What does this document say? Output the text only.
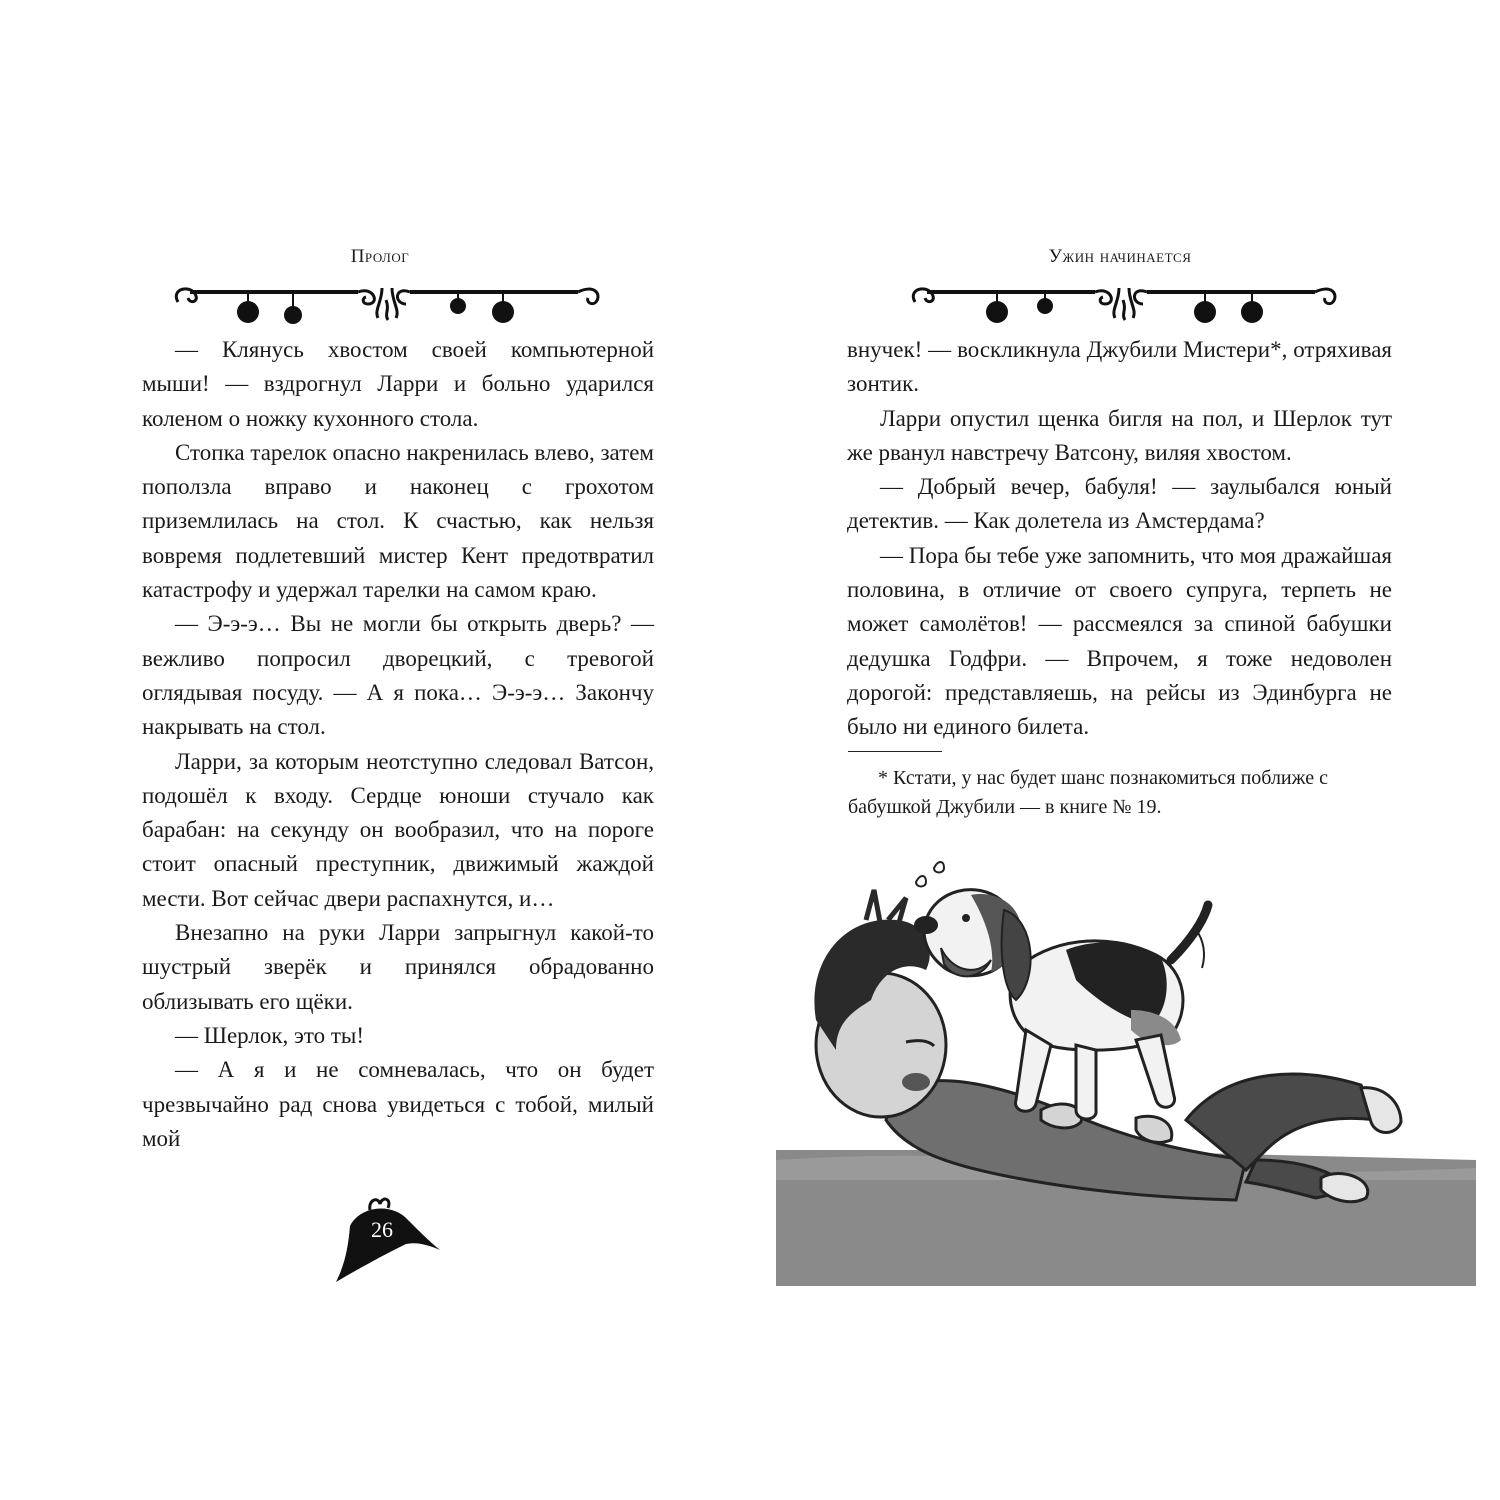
Пролог

— Клянусь хвостом своей компьютерной мыши! — вздрогнул Ларри и больно ударился коленом о ножку кухонного стола.

Стопка тарелок опасно накренилась влево, затем поползла вправо и наконец с грохотом приземлилась на стол. К счастью, как нельзя вовремя подлетевший мистер Кент предотвратил катастрофу и удержал тарелки на самом краю.

— Э-э-э… Вы не могли бы открыть дверь? — вежливо попросил дворецкий, с тревогой оглядывая посуду. — А я пока… Э-э-э… Закончу накрывать на стол.

Ларри, за которым неотступно следовал Ватсон, подошёл к входу. Сердце юноши стучало как барабан: на секунду он вообразил, что на пороге стоит опасный преступник, движимый жаждой мести. Вот сейчас двери распахнутся, и…

Внезапно на руки Ларри запрыгнул какой-то шустрый зверёк и принялся обрадованно облизывать его щёки.

— Шерлок, это ты!

— А я и не сомневалась, что он будет чрезвычайно рад снова увидеться с тобой, милый мой

26
Ужин начинается

внучек! — воскликнула Джубили Мистери*, отряхивая зонтик.

Ларри опустил щенка бигля на пол, и Шерлок тут же рванул навстречу Ватсону, виляя хвостом.

— Добрый вечер, бабуля! — заулыбался юный детектив. — Как долетела из Амстердама?

— Пора бы тебе уже запомнить, что моя дражайшая половина, в отличие от своего супруга, терпеть не может самолётов! — рассмеялся за спиной бабушки дедушка Годфри. — Впрочем, я тоже недоволен дорогой: представляешь, на рейсы из Эдинбурга не было ни единого билета.

* Кстати, у нас будет шанс познакомиться поближе с бабушкой Джубили — в книге № 19.
